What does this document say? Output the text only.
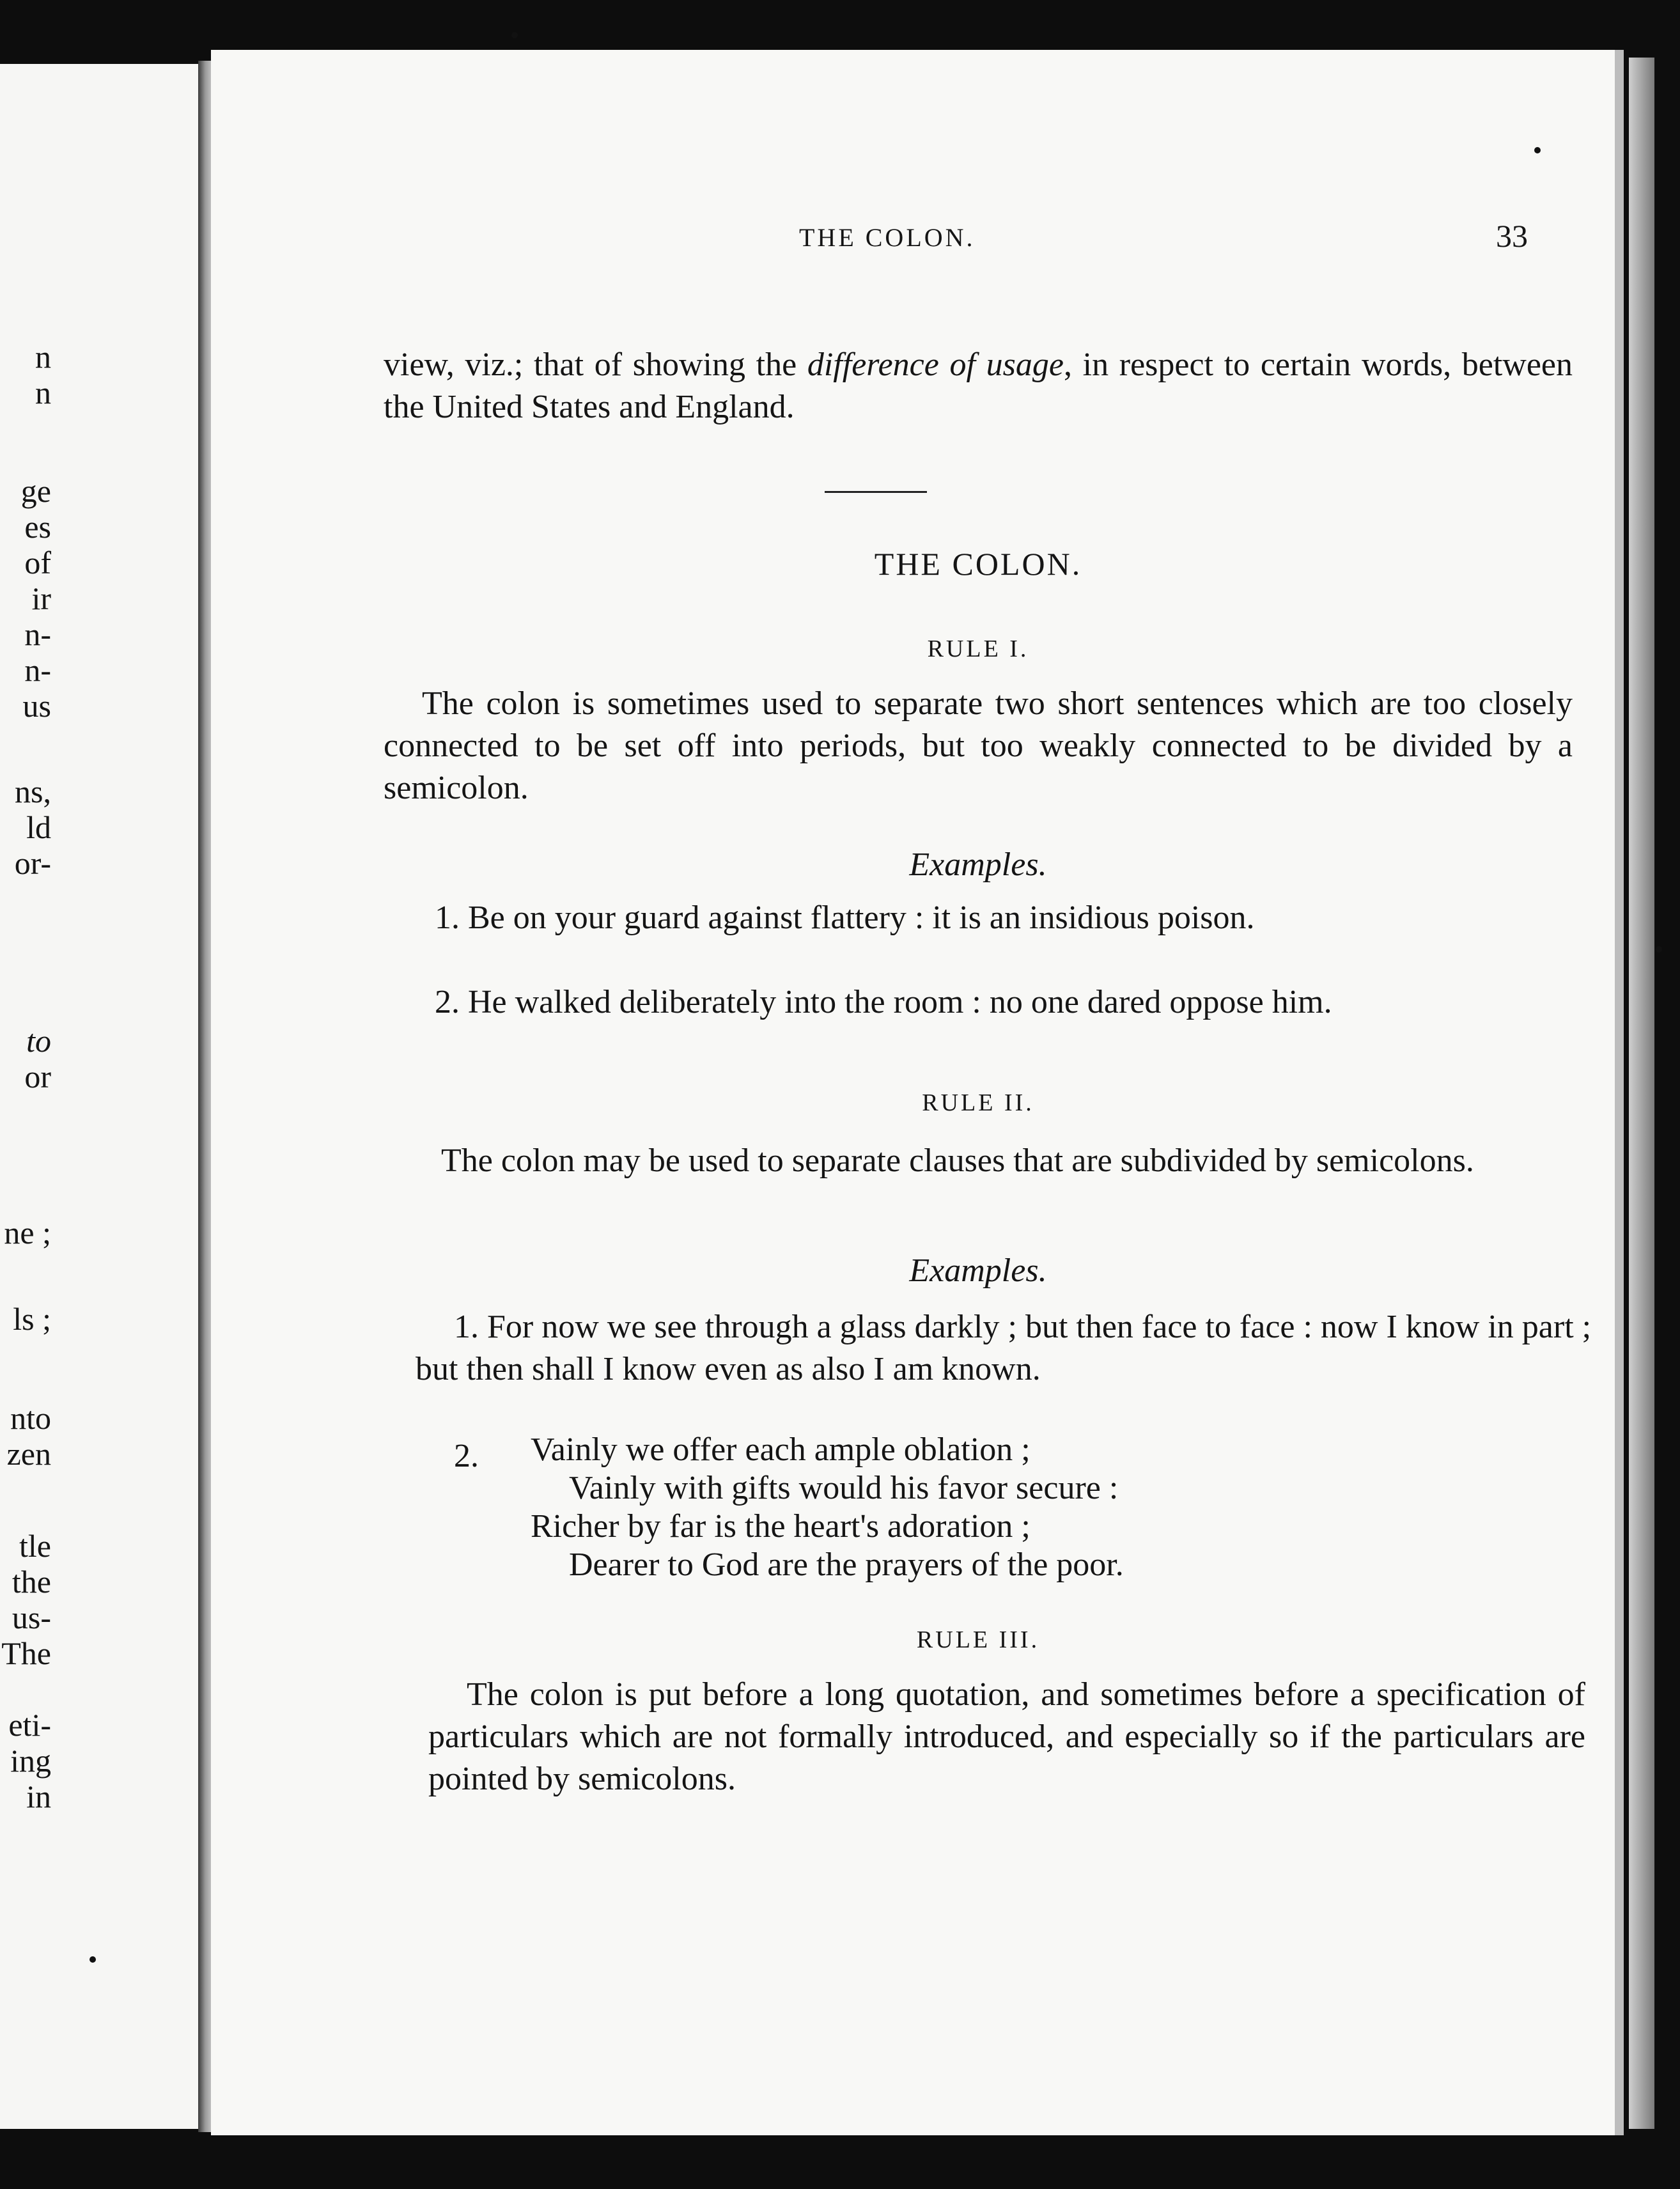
n
n
ge
es
of
ir
n-
n-
us
ns,
ld
or-
to
or
ne ;
ls ;
nto
zen
tle
the
us-
The
eti-
ing
in
THE COLON.	33

view, viz.; that of showing the difference of usage, in respect to certain words, between the United States and England.

THE COLON.
RULE I.

The colon is sometimes used to separate two short sentences which are too closely connected to be set off into periods, but too weakly connected to be divided by a semicolon.

Examples.
1. Be on your guard against flattery : it is an insidious poison.
2. He walked deliberately into the room : no one dared oppose him.
RULE II.

The colon may be used to separate clauses that are subdivided by semicolons.

Examples.
1. For now we see through a glass darkly ; but then face to face : now I know in part ; but then shall I know even as also I am known.
2. Vainly we offer each ample oblation ;
Vainly with gifts would his favor secure :
Richer by far is the heart's adoration ;
Dearer to God are the prayers of the poor.
RULE III.

The colon is put before a long quotation, and sometimes before a specification of particulars which are not formally introduced, and especially so if the particulars are pointed by semicolons.
